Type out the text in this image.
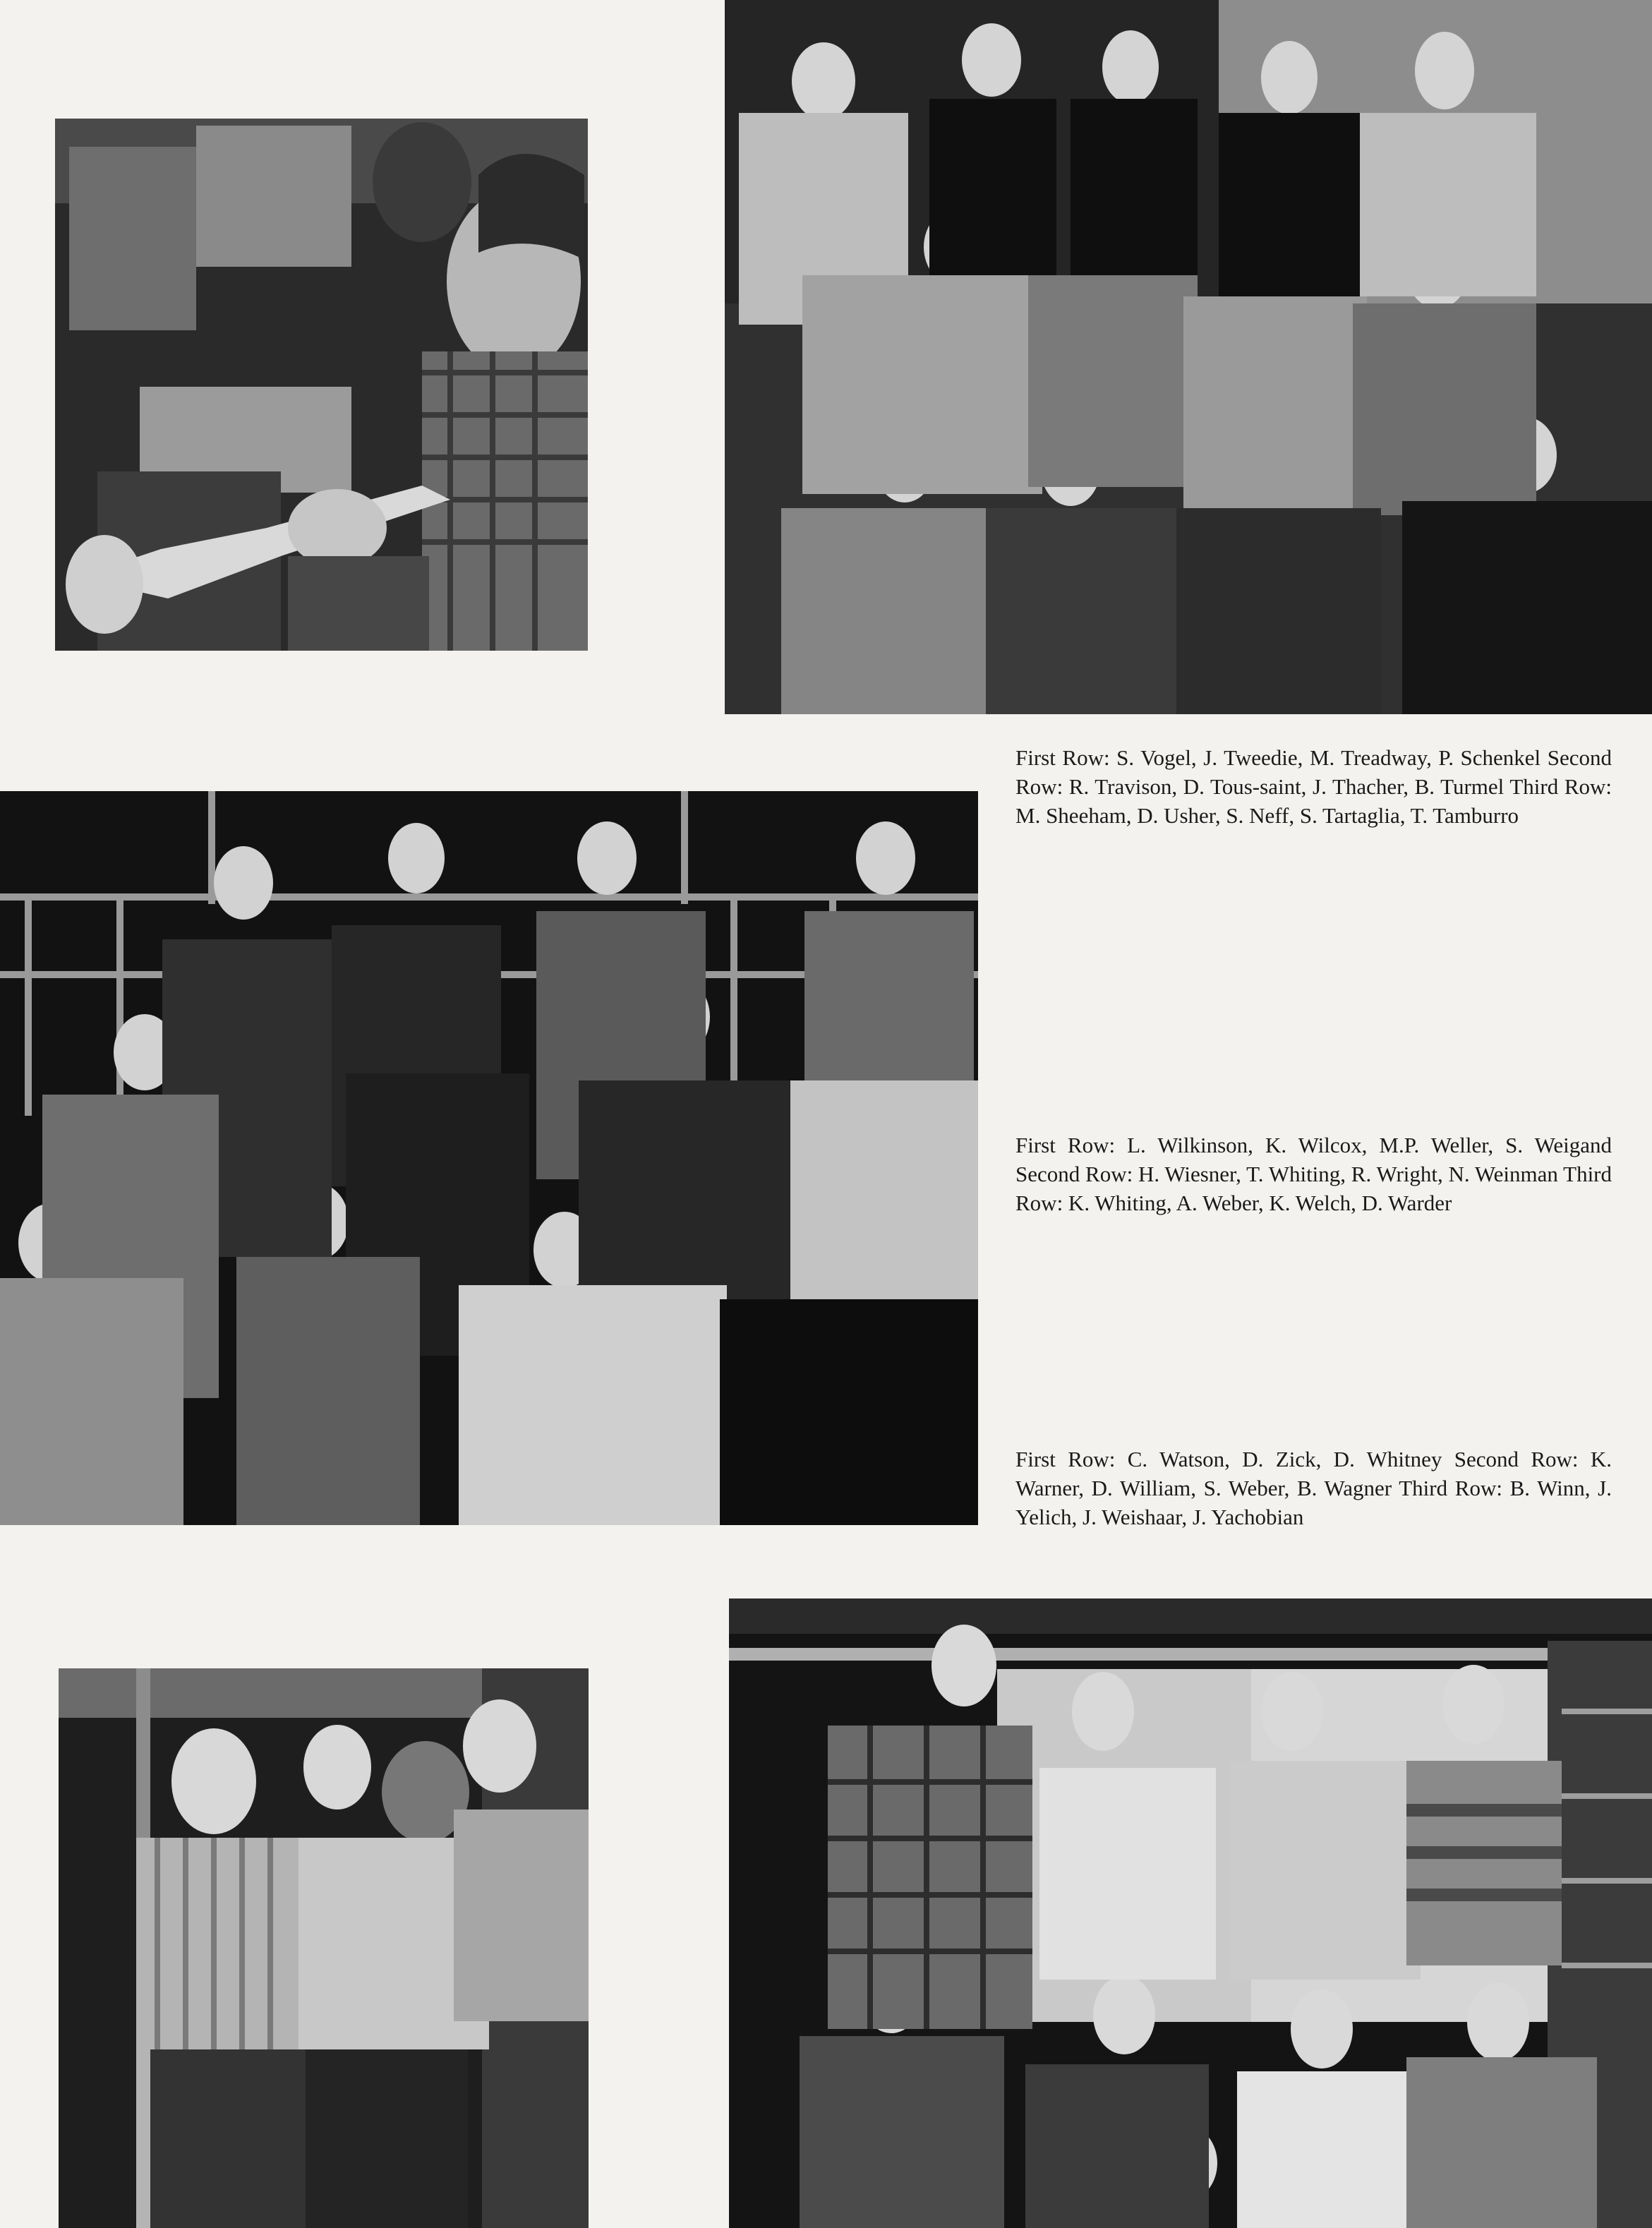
First Row: S. Vogel, J. Tweedie, M. Treadway, P. Schenkel Second Row: R. Travison, D. Tous-saint, J. Thacher, B. Turmel Third Row: M. Sheeham, D. Usher, S. Neff, S. Tartaglia, T. Tamburro

First Row: L. Wilkinson, K. Wilcox, M.P. Weller, S. Weigand Second Row: H. Wiesner, T. Whiting, R. Wright, N. Weinman Third Row: K. Whiting, A. Weber, K. Welch, D. Warder

First Row: C. Watson, D. Zick, D. Whitney Second Row: K. Warner, D. William, S. Weber, B. Wagner Third Row: B. Winn, J. Yelich, J. Weishaar, J. Yachobian
